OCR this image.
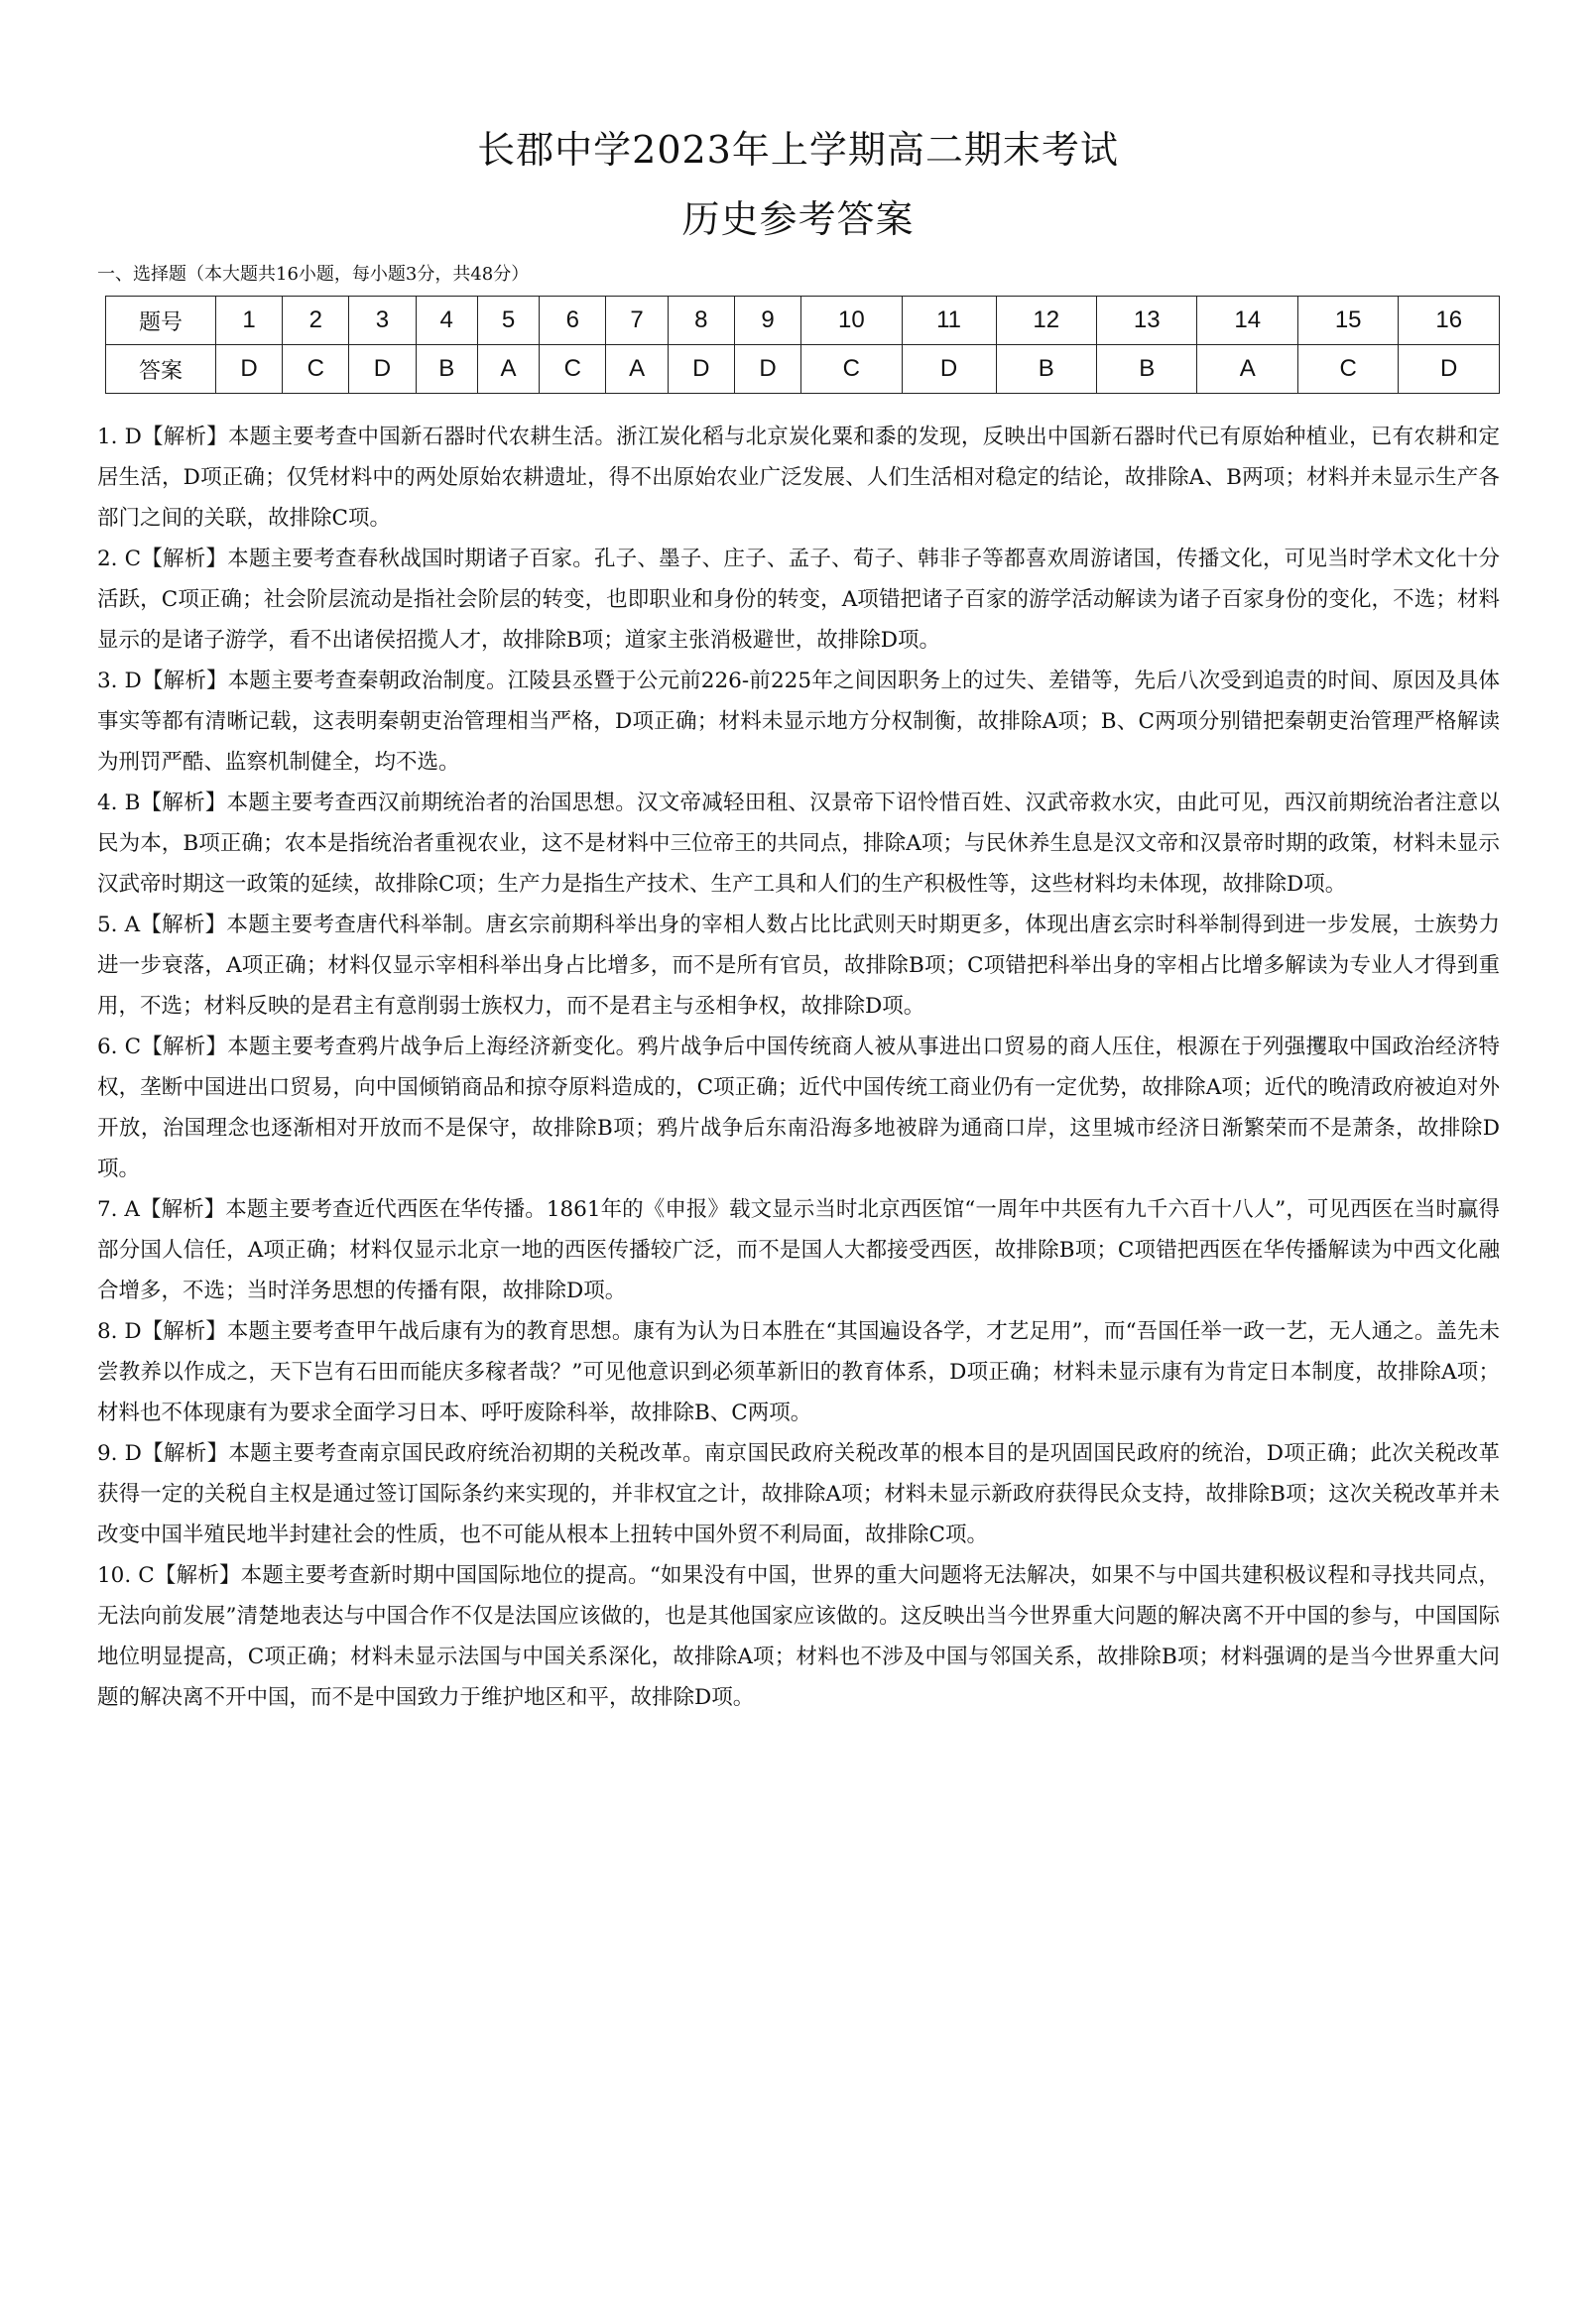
长郡中学2023年上学期高二期末考试
历史参考答案
一、选择题（本大题共16小题，每小题3分，共48分）
题号	1	2	3	4	5	6	7	8	9	10	11	12	13	14	15	16
答案	D	C	D	B	A	C	A	D	D	C	D	B	B	A	C	D

1. D【解析】本题主要考查中国新石器时代农耕生活。浙江炭化稻与北京炭化粟和黍的发现，反映出中国新石器时代已有原始种植业，已有农耕和定居生活，D项正确；仅凭材料中的两处原始农耕遗址，得不出原始农业广泛发展、人们生活相对稳定的结论，故排除A、B两项；材料并未显示生产各部门之间的关联，故排除C项。

2. C【解析】本题主要考查春秋战国时期诸子百家。孔子、墨子、庄子、孟子、荀子、韩非子等都喜欢周游诸国，传播文化，可见当时学术文化十分活跃，C项正确；社会阶层流动是指社会阶层的转变，也即职业和身份的转变，A项错把诸子百家的游学活动解读为诸子百家身份的变化，不选；材料显示的是诸子游学，看不出诸侯招揽人才，故排除B项；道家主张消极避世，故排除D项。

3. D【解析】本题主要考查秦朝政治制度。江陵县丞暨于公元前226-前225年之间因职务上的过失、差错等，先后八次受到追责的时间、原因及具体事实等都有清晰记载，这表明秦朝吏治管理相当严格，D项正确；材料未显示地方分权制衡，故排除A项；B、C两项分别错把秦朝吏治管理严格解读为刑罚严酷、监察机制健全，均不选。

4. B【解析】本题主要考查西汉前期统治者的治国思想。汉文帝减轻田租、汉景帝下诏怜惜百姓、汉武帝救水灾，由此可见，西汉前期统治者注意以民为本，B项正确；农本是指统治者重视农业，这不是材料中三位帝王的共同点，排除A项；与民休养生息是汉文帝和汉景帝时期的政策，材料未显示汉武帝时期这一政策的延续，故排除C项；生产力是指生产技术、生产工具和人们的生产积极性等，这些材料均未体现，故排除D项。

5. A【解析】本题主要考查唐代科举制。唐玄宗前期科举出身的宰相人数占比比武则天时期更多，体现出唐玄宗时科举制得到进一步发展，士族势力进一步衰落，A项正确；材料仅显示宰相科举出身占比增多，而不是所有官员，故排除B项；C项错把科举出身的宰相占比增多解读为专业人才得到重用，不选；材料反映的是君主有意削弱士族权力，而不是君主与丞相争权，故排除D项。

6. C【解析】本题主要考查鸦片战争后上海经济新变化。鸦片战争后中国传统商人被从事进出口贸易的商人压住，根源在于列强攫取中国政治经济特权，垄断中国进出口贸易，向中国倾销商品和掠夺原料造成的，C项正确；近代中国传统工商业仍有一定优势，故排除A项；近代的晚清政府被迫对外开放，治国理念也逐渐相对开放而不是保守，故排除B项；鸦片战争后东南沿海多地被辟为通商口岸，这里城市经济日渐繁荣而不是萧条，故排除D项。

7. A【解析】本题主要考查近代西医在华传播。1861年的《申报》载文显示当时北京西医馆“一周年中共医有九千六百十八人”，可见西医在当时赢得部分国人信任，A项正确；材料仅显示北京一地的西医传播较广泛，而不是国人大都接受西医，故排除B项；C项错把西医在华传播解读为中西文化融合增多，不选；当时洋务思想的传播有限，故排除D项。

8. D【解析】本题主要考查甲午战后康有为的教育思想。康有为认为日本胜在“其国遍设各学，才艺足用”，而“吾国任举一政一艺，无人通之。盖先未尝教养以作成之，天下岂有石田而能庆多稼者哉？”可见他意识到必须革新旧的教育体系，D项正确；材料未显示康有为肯定日本制度，故排除A项；材料也不体现康有为要求全面学习日本、呼吁废除科举，故排除B、C两项。

9. D【解析】本题主要考查南京国民政府统治初期的关税改革。南京国民政府关税改革的根本目的是巩固国民政府的统治，D项正确；此次关税改革获得一定的关税自主权是通过签订国际条约来实现的，并非权宜之计，故排除A项；材料未显示新政府获得民众支持，故排除B项；这次关税改革并未改变中国半殖民地半封建社会的性质，也不可能从根本上扭转中国外贸不利局面，故排除C项。

10. C【解析】本题主要考查新时期中国国际地位的提高。“如果没有中国，世界的重大问题将无法解决，如果不与中国共建积极议程和寻找共同点，无法向前发展”清楚地表达与中国合作不仅是法国应该做的，也是其他国家应该做的。这反映出当今世界重大问题的解决离不开中国的参与，中国国际地位明显提高，C项正确；材料未显示法国与中国关系深化，故排除A项；材料也不涉及中国与邻国关系，故排除B项；材料强调的是当今世界重大问题的解决离不开中国，而不是中国致力于维护地区和平，故排除D项。
